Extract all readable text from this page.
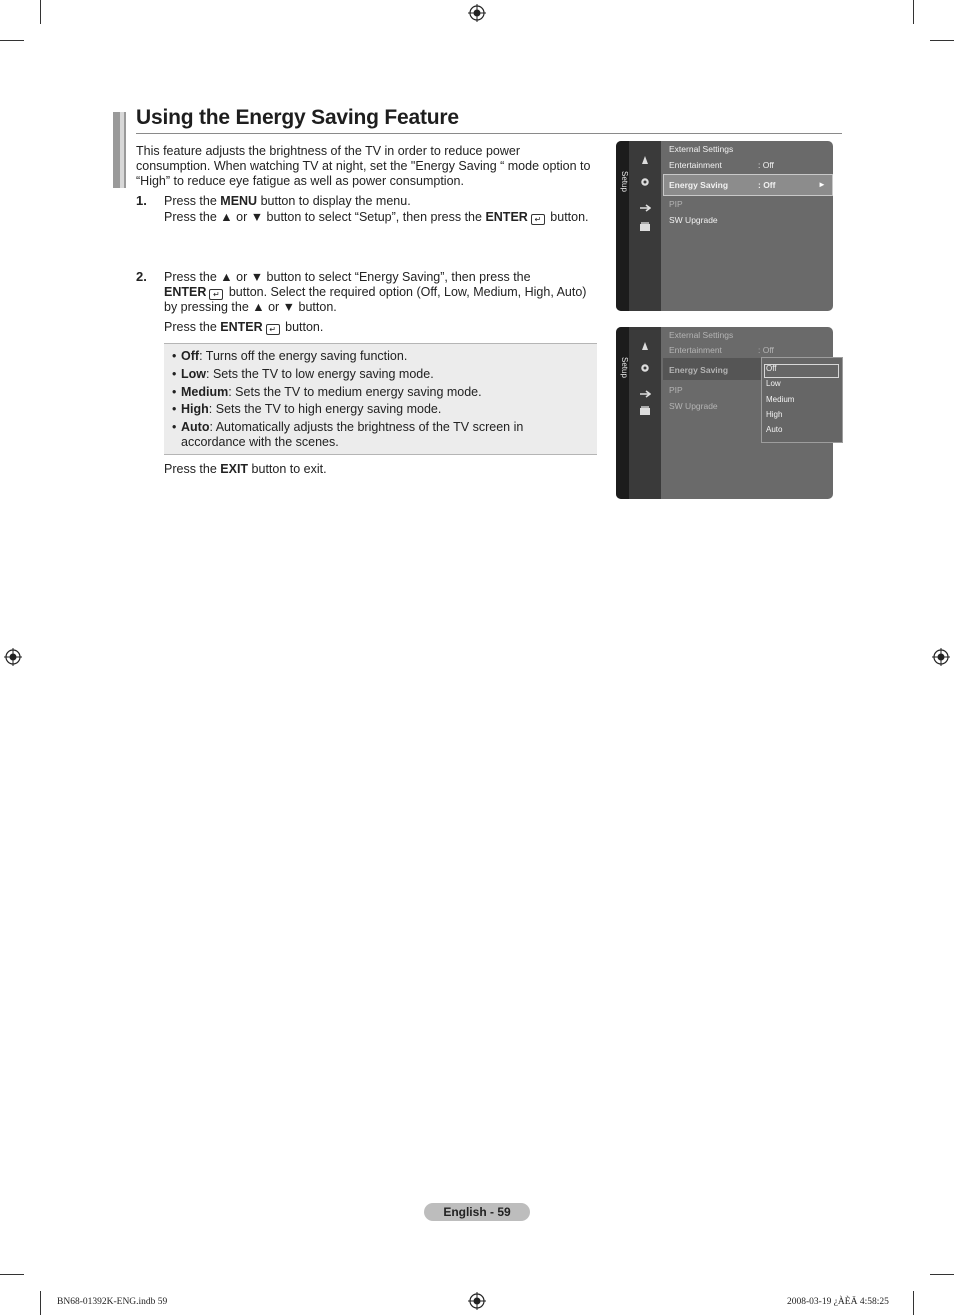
Using the Energy Saving Feature
This feature adjusts the brightness of the TV in order to reduce power
consumption. When watching TV at night, set the "Energy Saving “ mode option to
“High” to reduce eye fatigue as well as power consumption.
1. Press the MENU button to display the menu.
Press the ▲ or ▼ button to select “Setup”, then press the ENTER ↵ button.
2. Press the ▲ or ▼ button to select “Energy Saving”, then press the
ENTER ↵ button. Select the required option (Off, Low, Medium, High, Auto)
by pressing the ▲ or ▼ button.
Press the ENTER ↵ button.
• Off: Turns off the energy saving function.
• Low: Sets the TV to low energy saving mode.
• Medium: Sets the TV to medium energy saving mode.
• High: Sets the TV to high energy saving mode.
• Auto: Automatically adjusts the brightness of the TV screen in
accordance with the scenes.
Press the EXIT button to exit.
Setup
External Settings
Entertainment	: Off
Energy Saving	: Off	►
PIP
SW Upgrade
Setup
External Settings
Entertainment	: Off
Energy Saving
PIP
SW Upgrade
Off
Low
Medium
High
Auto
English - 59
BN68-01392K-ENG.indb 59	2008-03-19 ¿ÀÈÄ 4:58:25
